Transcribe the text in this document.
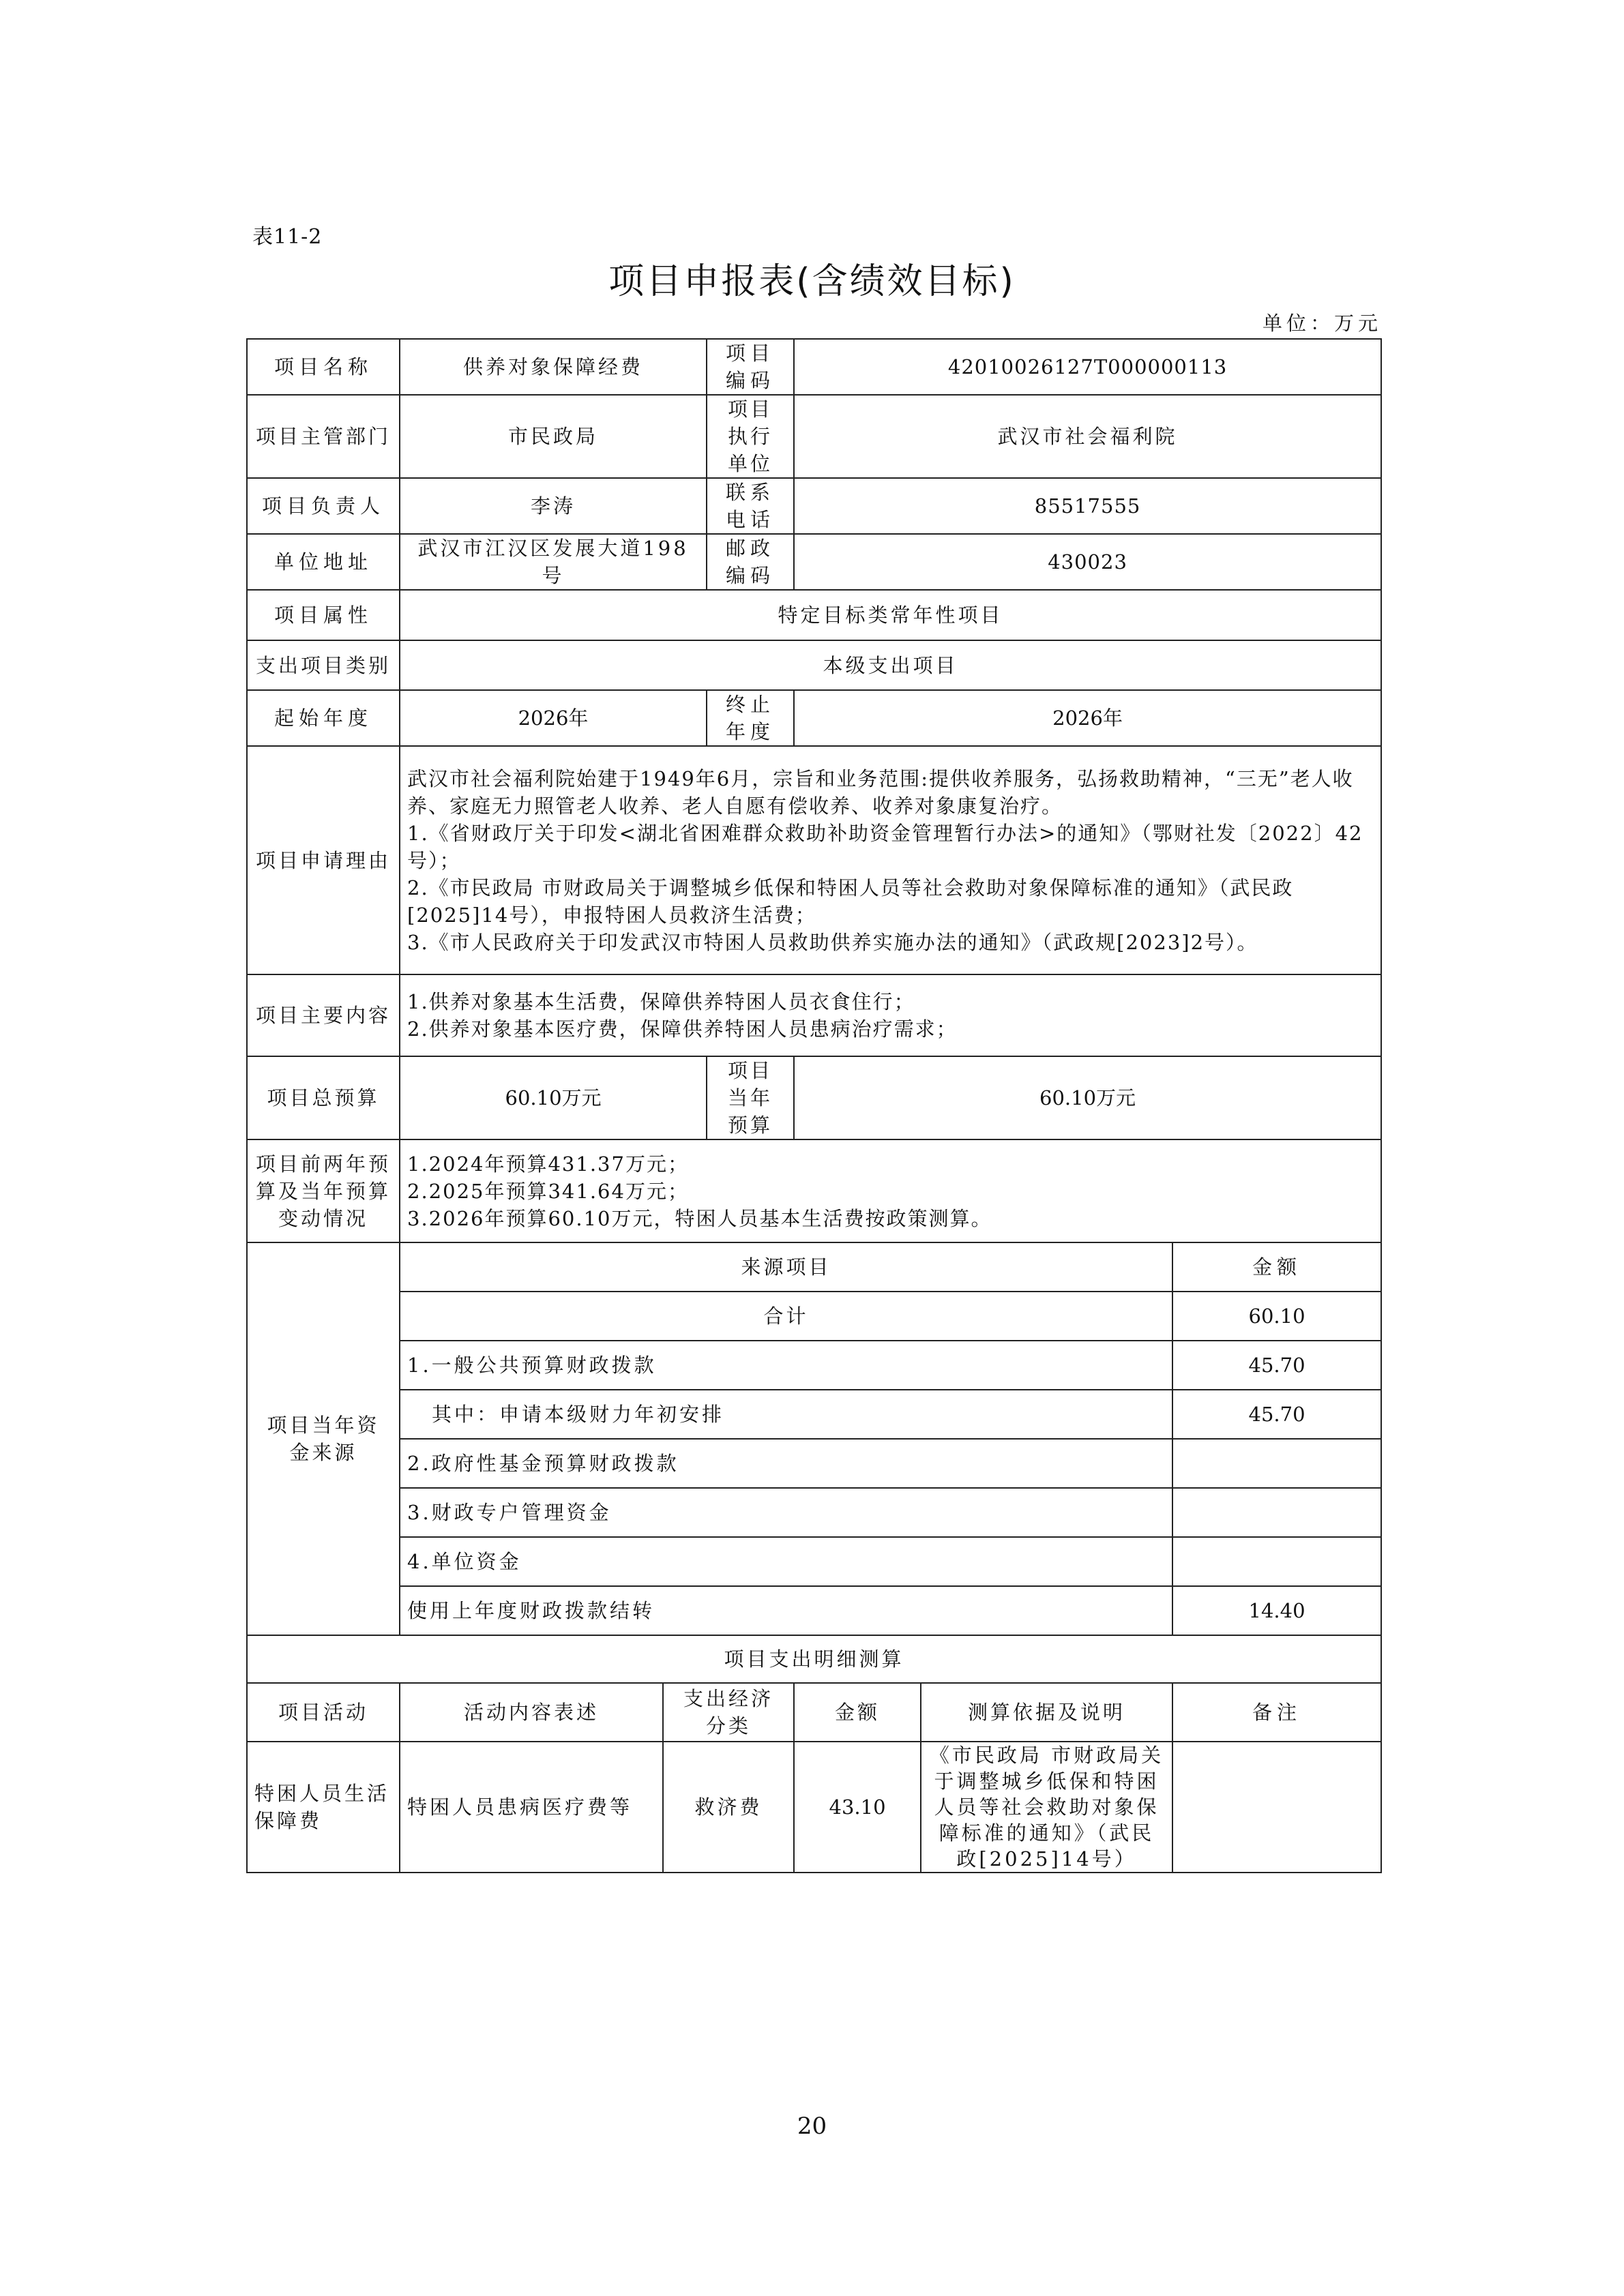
表11-2
项目申报表(含绩效目标)
单位：万元
项目名称	供养对象保障经费		项目编码	42010026127T000000113		
项目主管部门	市民政局		项目执行单位	武汉市社会福利院		
项目负责人	李涛		联系电话	85517555		
单位地址	武汉市江汉区发展大道198号		邮政编码	430023		
项目属性	特定目标类常年性项目					
支出项目类别	本级支出项目					
起始年度	2026年		终止年度	2026年		
项目申请理由	武汉市社会福利院始建于1949年6月，宗旨和业务范围:提供收养服务，弘扬救助精神，“三无”老人收养、家庭无力照管老人收养、老人自愿有偿收养、收养对象康复治疗。
1.《省财政厅关于印发<湖北省困难群众救助补助资金管理暂行办法>的通知》（鄂财社发〔2022〕42号）；
2.《市民政局 市财政局关于调整城乡低保和特困人员等社会救助对象保障标准的通知》（武民政[2025]14号），申报特困人员救济生活费；
3.《市人民政府关于印发武汉市特困人员救助供养实施办法的通知》（武政规[2023]2号）。					

项目主要内容	1.供养对象基本生活费，保障供养特困人员衣食住行；
2.供养对象基本医疗费，保障供养特困人员患病治疗需求；					

项目总预算	60.10万元		项目当年预算	60.10万元		
项目前两年预算及当年预算变动情况	1.2024年预算431.37万元；
2.2025年预算341.64万元；
3.2026年预算60.10万元，特困人员基本生活费按政策测算。					

项目当年资金来源	来源项目					金额
	合计					60.10
	1.一般公共预算财政拨款					45.70
	其中：申请本级财力年初安排					45.70
	2.政府性基金预算财政拨款					
	3.财政专户管理资金					
	4.单位资金					
	使用上年度财政拨款结转					14.40
项目支出明细测算						
项目活动	活动内容表述	支出经济分类		金额	测算依据及说明	备注
特困人员生活保障费	特困人员患病医疗费等	救济费		43.10	《市民政局 市财政局关于调整城乡低保和特困人员等社会救助对象保障标准的通知》（武民政[2025]14号）	
20
